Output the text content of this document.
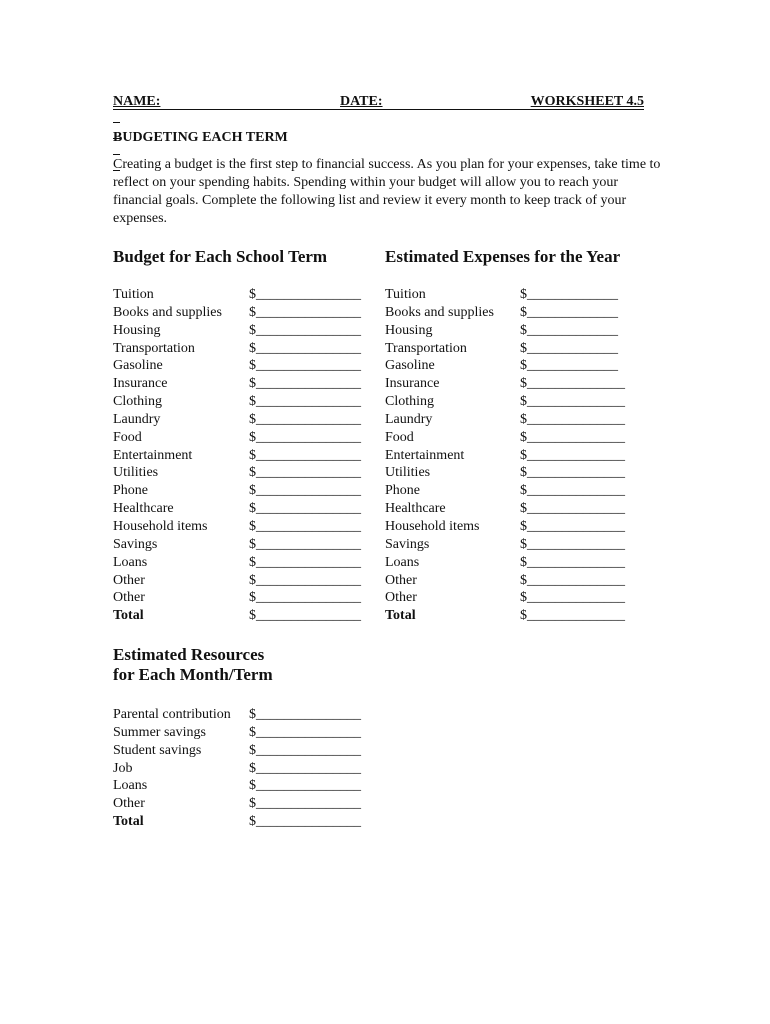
NAME:

	DATE:

	WORKSHEET 4.5

BUDGETING EACH TERM
Creating a budget is the first step to financial success. As you plan for your expenses, take time to reflect on your spending habits. Spending within your budget will allow you to reach your financial goals. Complete the following list and review it every month to keep track of your expenses.
Budget for Each School Term	Estimated Expenses for the Year
Tuition	$_______________
Books and supplies $_______________
Housing	$_______________
Transportation	$_______________
Gasoline	$_______________
Insurance	$_______________
Clothing	$_______________
Laundry	$_______________
Food	$_______________
Entertainment	$_______________
Utilities	$_______________
Phone	$_______________
Healthcare	$_______________
Household items	$_______________
Savings	$_______________
Loans	$_______________
Other	$_______________
Other	$_______________
Total	$_______________
Tuition	$_____________
Books and supplies $_____________
Housing	$_____________
Transportation	$_____________
Gasoline	$_____________
Insurance	$______________
Clothing	$______________
Laundry	$______________
Food	$______________
Entertainment	$______________
Utilities	$______________
Phone	$______________
Healthcare	$______________
Household items	$______________
Savings	$______________
Loans	$______________
Other	$______________
Other	$______________
Total	$______________
Estimated Resources
for Each Month/Term
Parental contribution $_______________
Summer savings	$_______________
Student savings	$_______________
Job	$_______________
Loans	$_______________
Other	$_______________
Total	$_______________
